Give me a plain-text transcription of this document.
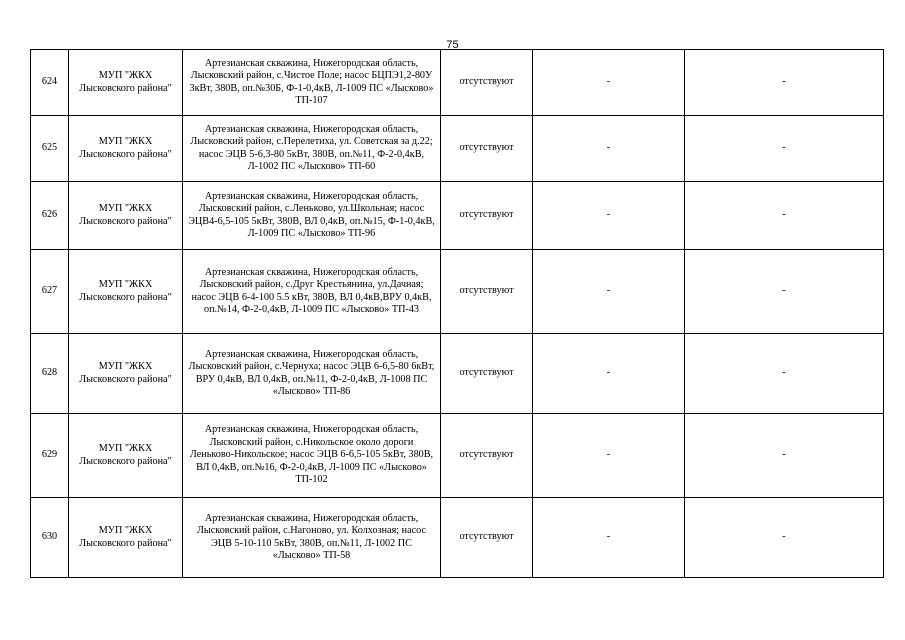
75
624	МУП "ЖКХ
Лысковского района"	Артезианская скважина, Нижегородская область, Лысковский район, с.Чистое Поле; насос БЦПЭ1,2-80У 3кВт, 380В, оп.№30Б, Ф-1-0,4кВ, Л-1009 ПС «Лысково» ТП-107	отсутствуют	-	-
625	МУП "ЖКХ
Лысковского района"	Артезианская скважина, Нижегородская область, Лысковский район, с.Перелетиха, ул. Советская за д.22; насос ЭЦВ 5-6,3-80 5кВт, 380В, оп.№11, Ф-2-0,4кВ, Л-1002 ПС «Лысково» ТП-60	отсутствуют	-	-
626	МУП "ЖКХ
Лысковского района"	Артезианская скважина, Нижегородская область, Лысковский район, с.Леньково, ул.Школьная; насос ЭЦВ4-6,5-105 5кВт, 380В, ВЛ 0,4кВ, оп.№15, Ф-1-0,4кВ, Л-1009 ПС «Лысково» ТП-96	отсутствуют	-	-
627	МУП "ЖКХ
Лысковского района"	Артезианская скважина, Нижегородская область, Лысковский район, с.Друг Крестьянина, ул.Дачная; насос ЭЦВ 6-4-100 5.5 кВт, 380В, ВЛ 0,4кВ,ВРУ 0,4кВ, оп.№14, Ф-2-0,4кВ, Л-1009 ПС «Лысково» ТП-43	отсутствуют	-	-
628	МУП "ЖКХ
Лысковского района"	Артезианская скважина, Нижегородская область, Лысковский район, с.Чернуха; насос ЭЦВ 6-6,5-80 6кВт, ВРУ 0,4кВ, ВЛ 0,4кВ, оп.№11, Ф-2-0,4кВ, Л-1008 ПС «Лысково» ТП-86	отсутствуют	-	-
629	МУП "ЖКХ
Лысковского района"	Артезианская скважина, Нижегородская область, Лысковский район, с.Никольское около дороги Леньково-Никольское; насос ЭЦВ 6-6,5-105 5кВт, 380В, ВЛ 0,4кВ, оп.№16, Ф-2-0,4кВ, Л-1009 ПС «Лысково» ТП-102	отсутствуют	-	-
630	МУП "ЖКХ
Лысковского района"	Артезианская скважина, Нижегородская область, Лысковский район, с.Нагоново, ул. Колхозная; насос ЭЦВ 5-10-110 5кВт, 380В, оп.№11, Л-1002 ПС «Лысково» ТП-58	отсутствуют	-	-
